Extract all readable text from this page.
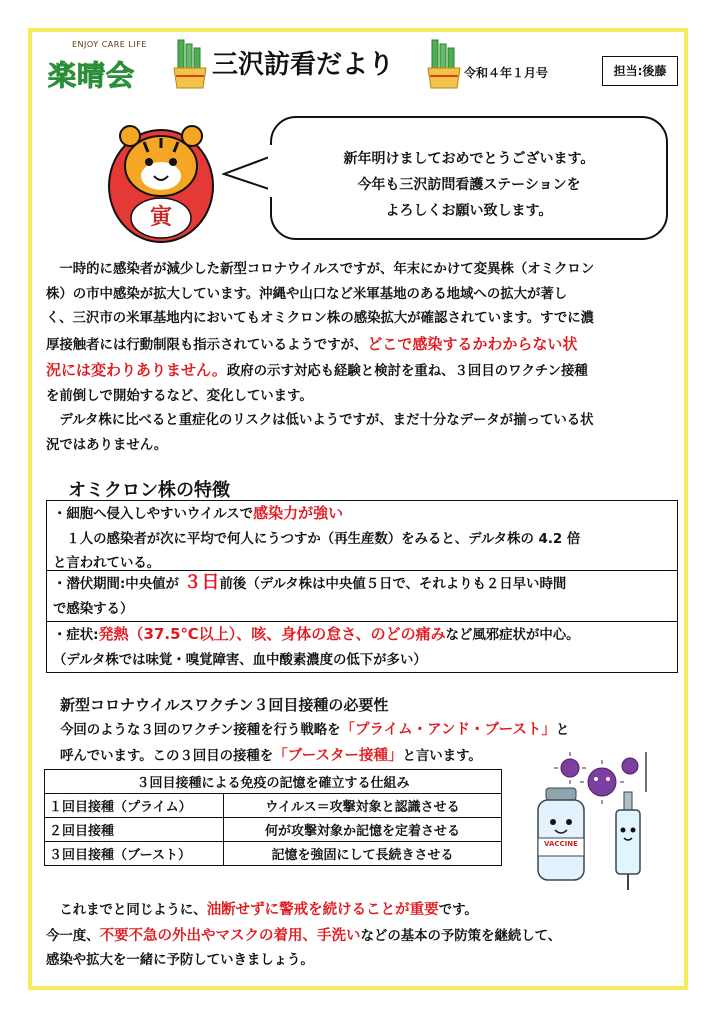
ENJOY CARE LIFE
楽晴会	三沢訪看だより	令和４年１月号	担当:後藤
寅
新年明けましておめでとうございます。
今年も三沢訪問看護ステーションを
よろしくお願い致します。
　一時的に感染者が減少した新型コロナウイルスですが、年末にかけて変異株（オミクロン
株）の市中感染が拡大しています。沖縄や山口など米軍基地のある地域への拡大が著し
く、三沢市の米軍基地内においてもオミクロン株の感染拡大が確認されています。すでに濃
厚接触者には行動制限も指示されているようですが、どこで感染するかわからない状
況には変わりありません。政府の示す対応も経験と検討を重ね、３回目のワクチン接種
を前倒しで開始するなど、変化しています。
　デルタ株に比べると重症化のリスクは低いようですが、まだ十分なデータが揃っている状
況ではありません。
オミクロン株の特徴
・細胞へ侵入しやすいウイルスで感染力が強い
　１人の感染者が次に平均で何人にうつすか（再生産数）をみると、デルタ株の 4.2 倍
と言われている。
・潜伏期間:中央値が ３日前後（デルタ株は中央値５日で、それよりも２日早い時間
で感染する）
・症状:発熱（37.5℃以上）、咳、身体の怠さ、のどの痛みなど風邪症状が中心。
（デルタ株では味覚・嗅覚障害、血中酸素濃度の低下が多い）
新型コロナウイルスワクチン３回目接種の必要性
今回のような３回のワクチン接種を行う戦略を「プライム・アンド・ブースト」と
呼んでいます。この３回目の接種を「ブースター接種」と言います。
３回目接種による免疫の記憶を確立する仕組み	
１回目接種（プライム）	ウイルス＝攻撃対象と認識させる
２回目接種	何が攻撃対象か記憶を定着させる
３回目接種（ブースト）	記憶を強固にして長続きさせる
VACCINE
　これまでと同じように、油断せずに警戒を続けることが重要です。
今一度、不要不急の外出やマスクの着用、手洗いなどの基本の予防策を継続して、
感染や拡大を一緒に予防していきましょう。
